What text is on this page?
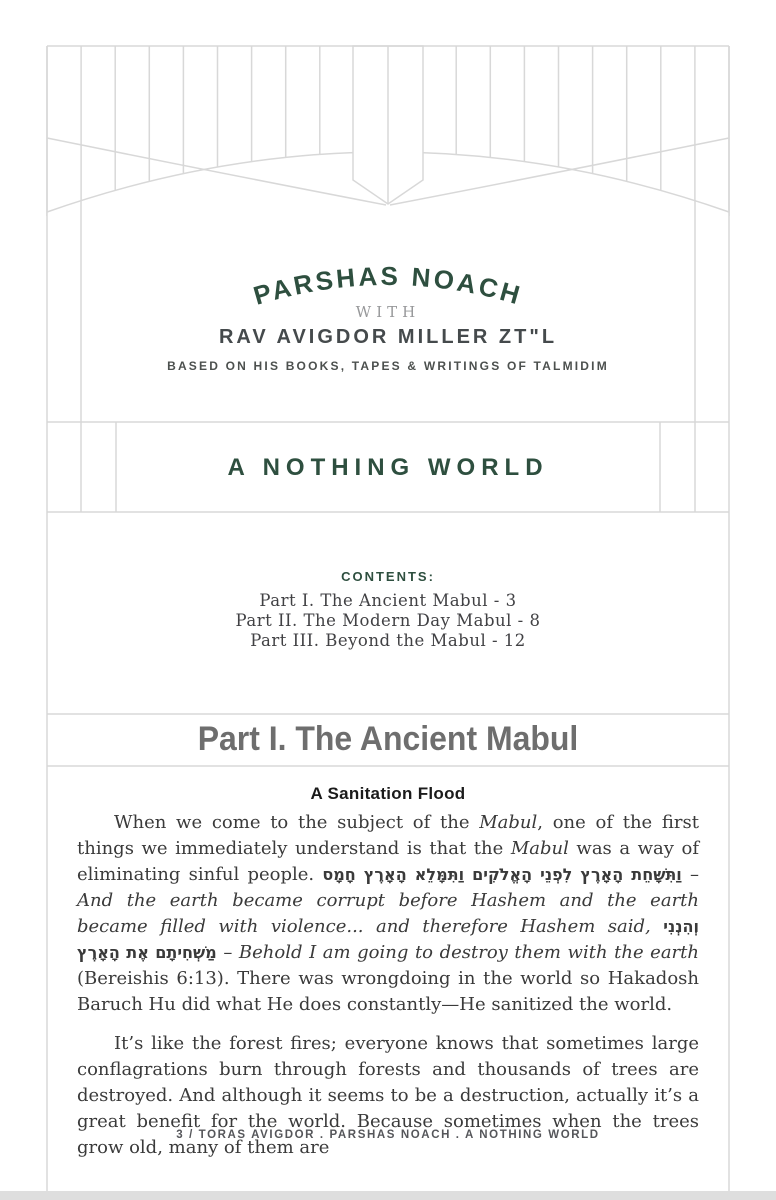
PARSHAS NOACH
WITH
RAV AVIGDOR MILLER ZT"L
BASED ON HIS BOOKS, TAPES & WRITINGS OF TALMIDIM
A NOTHING WORLD
CONTENTS:
Part I. The Ancient Mabul - 3
Part II. The Modern Day Mabul - 8
Part III. Beyond the Mabul - 12
Part I. The Ancient Mabul
A Sanitation Flood

When we come to the subject of the Mabul, one of the first things we immediately understand is that the Mabul was a way of eliminating sinful people. וַתִּשָּׁחֵת הָאָרֶץ לִפְנֵי הָאֱלֹקִים וַתִּמָּלֵא הָאָרֶץ חָמָס – And the earth became corrupt before Hashem and the earth became filled with violence... and therefore Hashem said, וְהִנְנִי מַשְׁחִיתָם אֶת הָאָרֶץ – Behold I am going to destroy them with the earth (Bereishis 6:13). There was wrongdoing in the world so Hakadosh Baruch Hu did what He does constantly—He sanitized the world.

It’s like the forest fires; everyone knows that sometimes large conflagrations burn through forests and thousands of trees are destroyed. And although it seems to be a destruction, actually it’s a great benefit for the world. Because sometimes when the trees grow old, many of them are

3 / TORAS AVIGDOR . PARSHAS NOACH . A NOTHING WORLD
